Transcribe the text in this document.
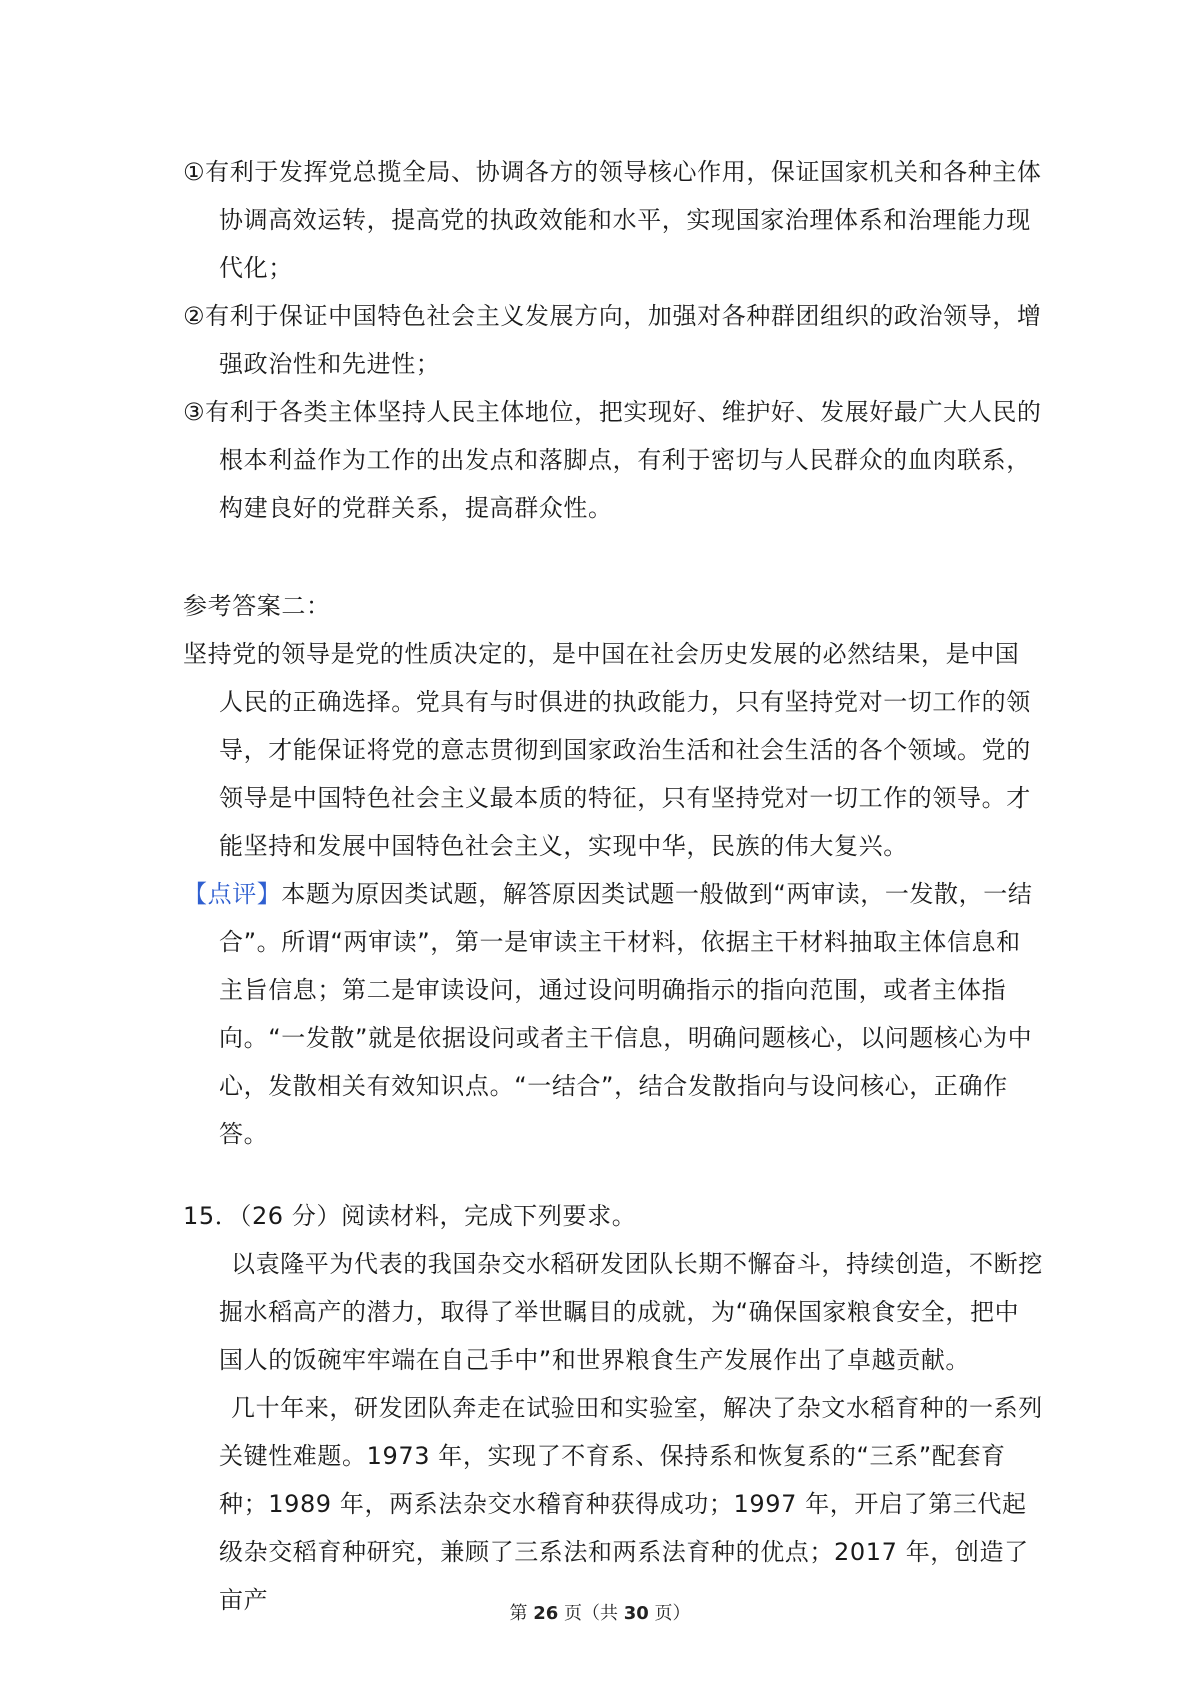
①有利于发挥党总揽全局、协调各方的领导核心作用，保证国家机关和各种主体协调高效运转，提高党的执政效能和水平，实现国家治理体系和治理能力现代化；

②有利于保证中国特色社会主义发展方向，加强对各种群团组织的政治领导，增强政治性和先进性；

③有利于各类主体坚持人民主体地位，把实现好、维护好、发展好最广大人民的根本利益作为工作的出发点和落脚点，有利于密切与人民群众的血肉联系，构建良好的党群关系，提高群众性。

参考答案二：

坚持党的领导是党的性质决定的，是中国在社会历史发展的必然结果，是中国人民的正确选择。党具有与时俱进的执政能力，只有坚持党对一切工作的领导，才能保证将党的意志贯彻到国家政治生活和社会生活的各个领域。党的领导是中国特色社会主义最本质的特征，只有坚持党对一切工作的领导。才能坚持和发展中国特色社会主义，实现中华，民族的伟大复兴。

【点评】本题为原因类试题，解答原因类试题一般做到“两审读，一发散，一结合”。所谓“两审读”，第一是审读主干材料，依据主干材料抽取主体信息和主旨信息；第二是审读设问，通过设问明确指示的指向范围，或者主体指向。“一发散”就是依据设问或者主干信息，明确问题核心，以问题核心为中心，发散相关有效知识点。“一结合”，结合发散指向与设问核心，正确作答。

15．（26 分）阅读材料，完成下列要求。

以袁隆平为代表的我国杂交水稻研发团队长期不懈奋斗，持续创造，不断挖掘水稻高产的潜力，取得了举世瞩目的成就，为“确保国家粮食安全，把中国人的饭碗牢牢端在自己手中”和世界粮食生产发展作出了卓越贡献。

几十年来，研发团队奔走在试验田和实验室，解决了杂文水稻育种的一系列关键性难题。1973 年，实现了不育系、保持系和恢复系的“三系”配套育种；1989 年，两系法杂交水稽育种获得成功；1997 年，开启了第三代起级杂交稻育种研究，兼顾了三系法和两系法育种的优点；2017 年，创造了亩产	第 26 页（共 30 页）
